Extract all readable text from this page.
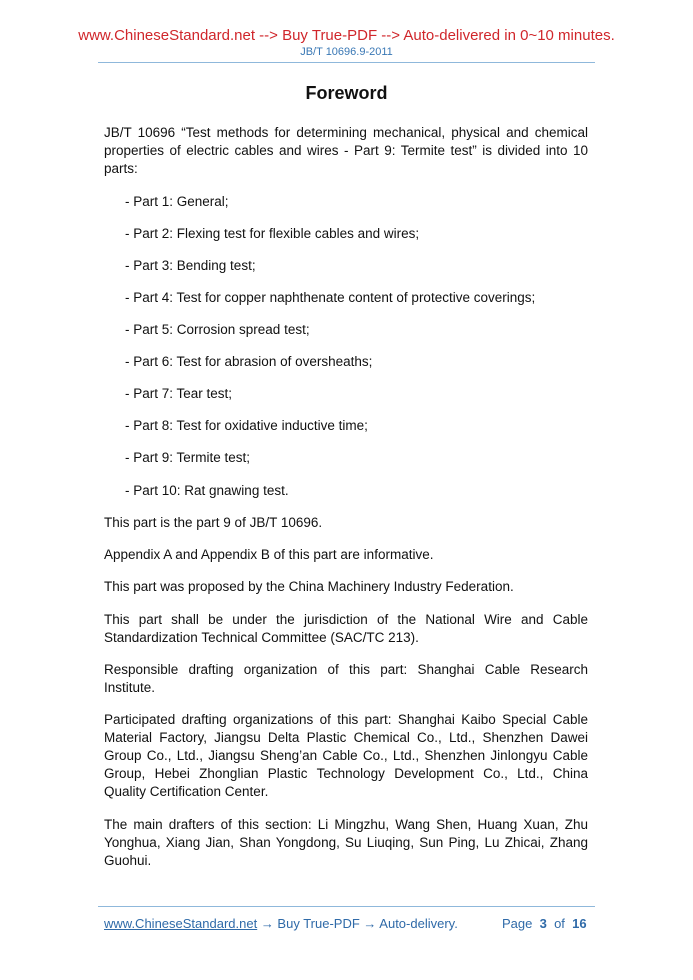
www.ChineseStandard.net --> Buy True-PDF --> Auto-delivered in 0~10 minutes.
JB/T 10696.9-2011
Foreword
JB/T 10696 “Test methods for determining mechanical, physical and chemical properties of electric cables and wires - Part 9: Termite test” is divided into 10 parts:
- Part 1: General;
- Part 2: Flexing test for flexible cables and wires;
- Part 3: Bending test;
- Part 4: Test for copper naphthenate content of protective coverings;
- Part 5: Corrosion spread test;
- Part 6: Test for abrasion of oversheaths;
- Part 7: Tear test;
- Part 8: Test for oxidative inductive time;
- Part 9: Termite test;
- Part 10: Rat gnawing test.
This part is the part 9 of JB/T 10696.
Appendix A and Appendix B of this part are informative.
This part was proposed by the China Machinery Industry Federation.
This part shall be under the jurisdiction of the National Wire and Cable Standardization Technical Committee (SAC/TC 213).
Responsible drafting organization of this part: Shanghai Cable Research Institute.
Participated drafting organizations of this part: Shanghai Kaibo Special Cable Material Factory, Jiangsu Delta Plastic Chemical Co., Ltd., Shenzhen Dawei Group Co., Ltd., Jiangsu Sheng’an Cable Co., Ltd., Shenzhen Jinlongyu Cable Group, Hebei Zhonglian Plastic Technology Development Co., Ltd., China Quality Certification Center.
The main drafters of this section: Li Mingzhu, Wang Shen, Huang Xuan, Zhu Yonghua, Xiang Jian, Shan Yongdong, Su Liuqing, Sun Ping, Lu Zhicai, Zhang Guohui.
www.ChineseStandard.net → Buy True-PDF → Auto-delivery.	Page 3 of 16
